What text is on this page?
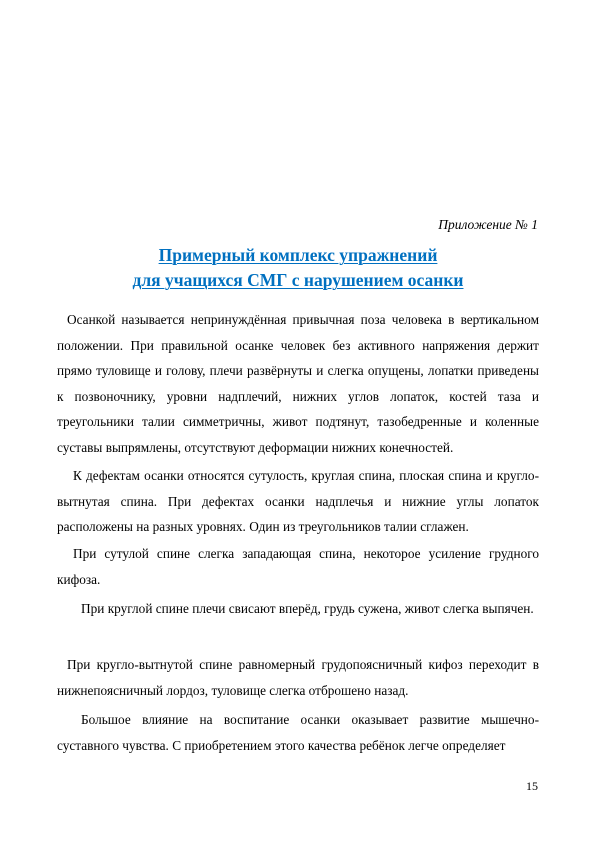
Приложение № 1
Примерный комплекс упражнений
для учащихся СМГ с нарушением осанки

Осанкой называется непринуждённая привычная поза человека в вертикальном положении. При правильной осанке человек без активного напряжения держит прямо туловище и голову, плечи развёрнуты и слегка опущены, лопатки приведены к позвоночнику, уровни надплечий, нижних углов лопаток, костей таза и треугольники талии симметричны, живот подтянут, тазобедренные и коленные суставы выпрямлены, отсутствуют деформации нижних конечностей.

К дефектам осанки относятся сутулость, круглая спина, плоская спина и кругло-вытнутая спина. При дефектах осанки надплечья и нижние углы лопаток расположены на разных уровнях. Один из треугольников талии сглажен.

При сутулой спине слегка западающая спина, некоторое усиление грудного кифоза.

При круглой спине плечи свисают вперёд, грудь сужена, живот слегка выпячен.

При кругло-вытнутой спине равномерный грудопоясничный кифоз переходит в нижнепоясничный лордоз, туловище слегка отброшено назад.

Большое влияние на воспитание осанки оказывает развитие мышечно-суставного чувства. С приобретением этого качества ребёнок легче определяет

15
